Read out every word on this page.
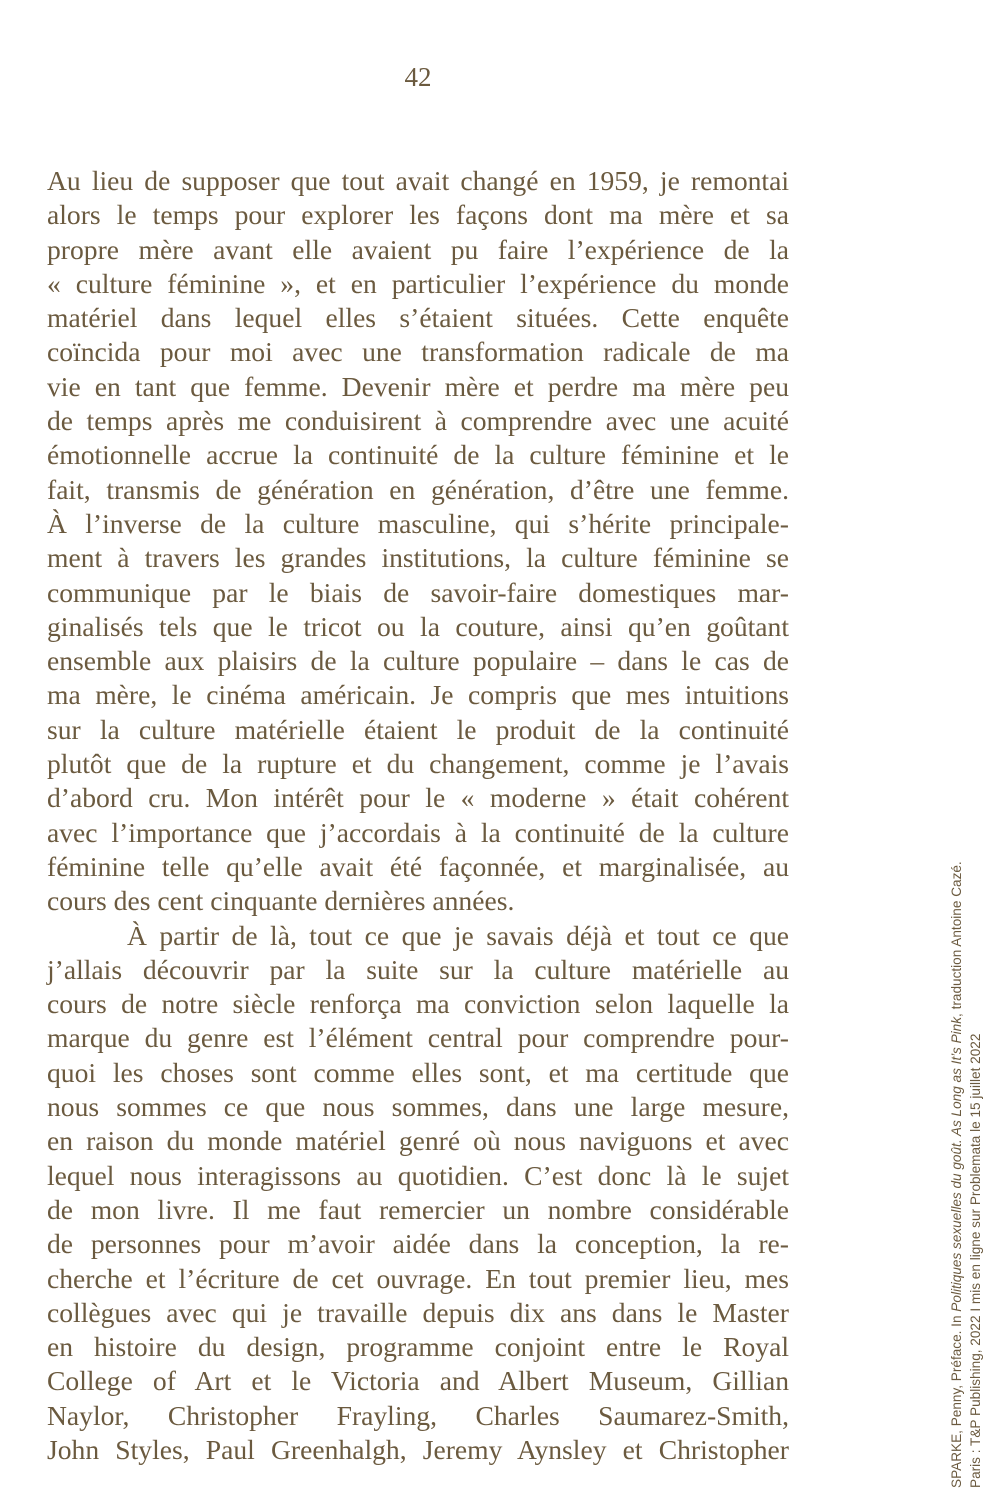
42
Au lieu de supposer que tout avait changé en 1959, je remontai
alors le temps pour explorer les façons dont ma mère et sa
propre mère avant elle avaient pu faire l’expérience de la
« culture féminine », et en particulier l’expérience du monde
matériel dans lequel elles s’étaient situées. Cette enquête
coïncida pour moi avec une transformation radicale de ma
vie en tant que femme. Devenir mère et perdre ma mère peu
de temps après me conduisirent à comprendre avec une acuité
émotionnelle accrue la continuité de la culture féminine et le
fait, transmis de génération en génération, d’être une femme.
À l’inverse de la culture masculine, qui s’hérite principale-
ment à travers les grandes institutions, la culture féminine se
communique par le biais de savoir-faire domestiques mar-
ginalisés tels que le tricot ou la couture, ainsi qu’en goûtant
ensemble aux plaisirs de la culture populaire – dans le cas de
ma mère, le cinéma américain. Je compris que mes intuitions
sur la culture matérielle étaient le produit de la continuité
plutôt que de la rupture et du changement, comme je l’avais
d’abord cru. Mon intérêt pour le « moderne » était cohérent
avec l’importance que j’accordais à la continuité de la culture
féminine telle qu’elle avait été façonnée, et marginalisée, au
cours des cent cinquante dernières années.
À partir de là, tout ce que je savais déjà et tout ce que
j’allais découvrir par la suite sur la culture matérielle au
cours de notre siècle renforça ma conviction selon laquelle la
marque du genre est l’élément central pour comprendre pour-
quoi les choses sont comme elles sont, et ma certitude que
nous sommes ce que nous sommes, dans une large mesure,
en raison du monde matériel genré où nous naviguons et avec
lequel nous interagissons au quotidien. C’est donc là le sujet
de mon livre. Il me faut remercier un nombre considérable
de personnes pour m’avoir aidée dans la conception, la re-
cherche et l’écriture de cet ouvrage. En tout premier lieu, mes
collègues avec qui je travaille depuis dix ans dans le Master
en histoire du design, programme conjoint entre le Royal
College of Art et le Victoria and Albert Museum, Gillian
Naylor, Christopher Frayling, Charles Saumarez-Smith,
John Styles, Paul Greenhalgh, Jeremy Aynsley et Christopher	SPARKE, Penny, Préface. In Politiques sexuelles du goût. As Long as It’s Pink, traduction Antoine Cazé.
Paris : T&P Publishing, 2022 I mis en ligne sur Problemata le 15 juillet 2022
